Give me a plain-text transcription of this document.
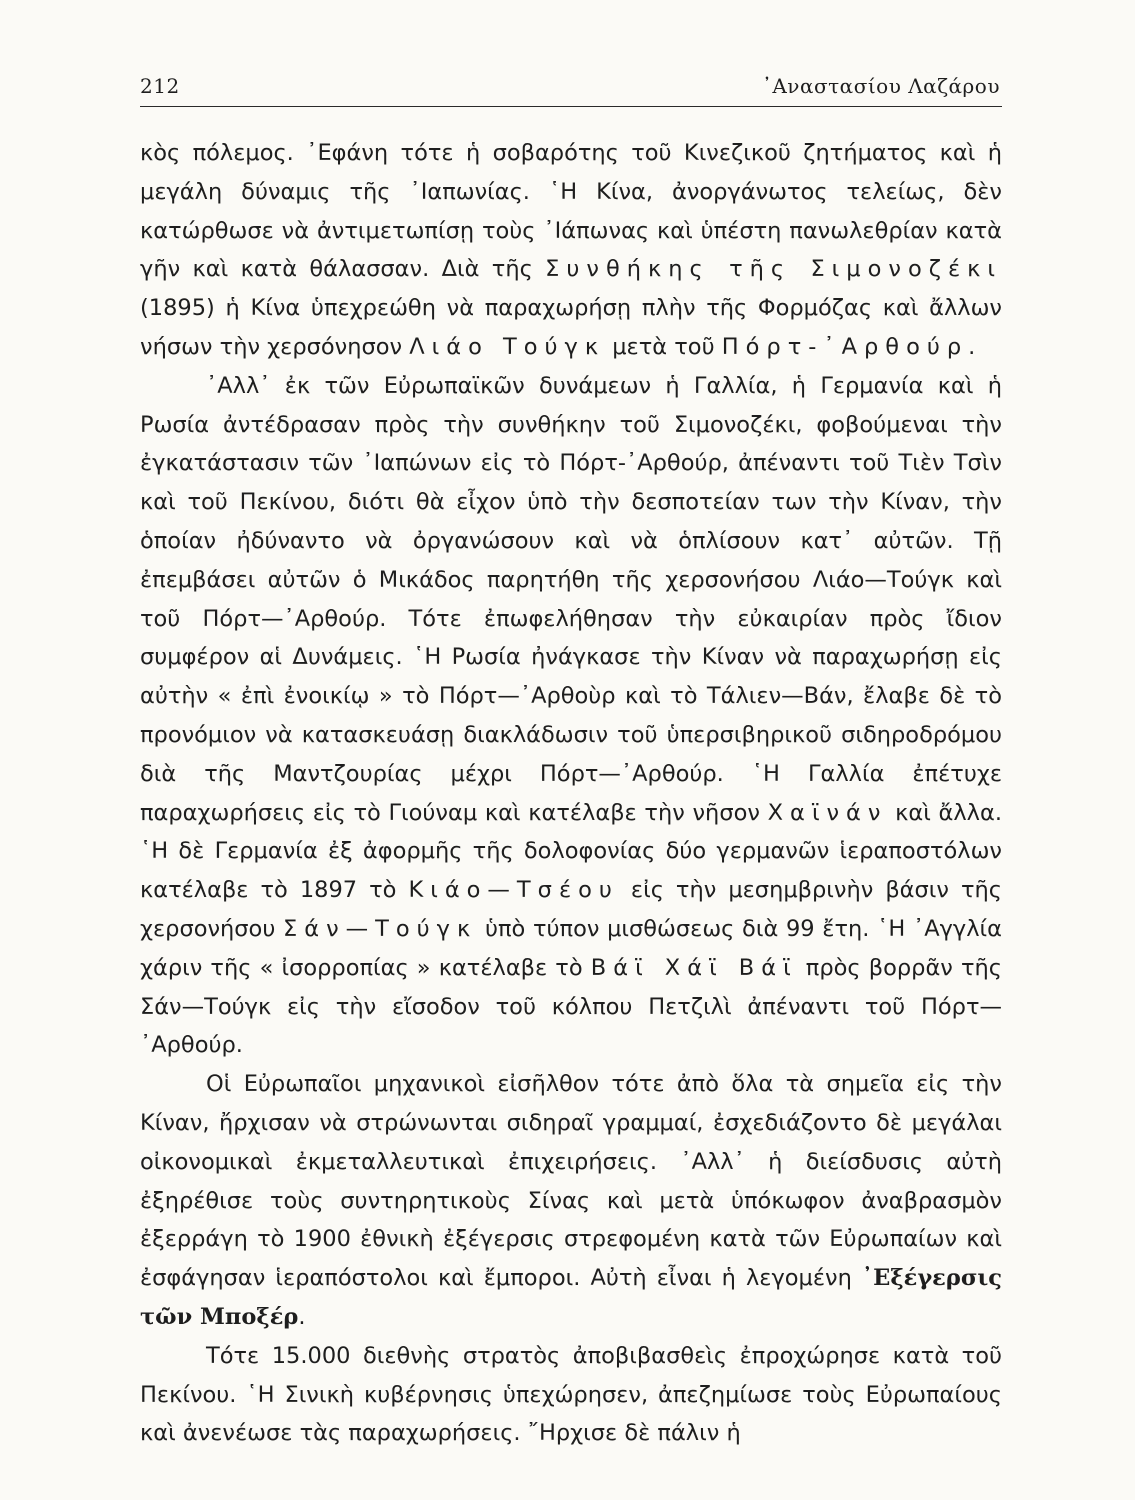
212	᾿Αναστασίου Λαζάρου

κὸς πόλεμος. ᾿Εφάνη τότε ἡ σοβαρότης τοῦ Κινεζικοῦ ζητήματος καὶ ἡ μεγάλη δύναμις τῆς ᾿Ιαπωνίας. ῾Η Κίνα, ἀνοργάνωτος τελείως, δὲν κατώρθωσε νὰ ἀντιμετωπίσῃ τοὺς ᾿Ιάπωνας καὶ ὑπέστη πανωλεθρίαν κατὰ γῆν καὶ κατὰ θάλασσαν. Διὰ τῆς Συνθήκης τῆς Σιμονοζέκι (1895) ἡ Κίνα ὑπεχρεώθη νὰ παραχωρήσῃ πλὴν τῆς Φορμόζας καὶ ἄλλων νήσων τὴν χερσόνησον Λιάο Τούγκ μετὰ τοῦ Πόρτ-᾿Αρθούρ.

᾿Αλλ᾿ ἐκ τῶν Εὐρωπαϊκῶν δυνάμεων ἡ Γαλλία, ἡ Γερμανία καὶ ἡ Ρωσία ἀντέδρασαν πρὸς τὴν συνθήκην τοῦ Σιμονοζέκι, φοβούμεναι τὴν ἐγκατάστασιν τῶν ᾿Ιαπώνων εἰς τὸ Πόρτ-᾿Αρθούρ, ἀπέναντι τοῦ Τιὲν Τσὶν καὶ τοῦ Πεκίνου, διότι θὰ εἶχον ὑπὸ τὴν δεσποτείαν των τὴν Κίναν, τὴν ὁποίαν ἠδύναντο νὰ ὀργανώσουν καὶ νὰ ὁπλίσουν κατ᾿ αὐτῶν. Τῇ ἐπεμβάσει αὐτῶν ὁ Μικάδος παρητήθη τῆς χερσονήσου Λιάο—Τούγκ καὶ τοῦ Πόρτ—᾿Αρθούρ. Τότε ἐπωφελήθησαν τὴν εὐκαιρίαν πρὸς ἴδιον συμφέρον αἱ Δυνάμεις. ῾Η Ρωσία ἠνάγκασε τὴν Κίναν νὰ παραχωρήσῃ εἰς αὐτὴν « ἐπὶ ἐνοικίῳ » τὸ Πόρτ—᾿Αρθοὺρ καὶ τὸ Τάλιεν—Βάν, ἔλαβε δὲ τὸ προνόμιον νὰ κατασκευάσῃ διακλάδωσιν τοῦ ὑπερσιβηρικοῦ σιδηροδρόμου διὰ τῆς Μαντζουρίας μέχρι Πόρτ—᾿Αρθούρ. ῾Η Γαλλία ἐπέτυχε παραχωρήσεις εἰς τὸ Γιούναμ καὶ κατέλαβε τὴν νῆσον Χαϊνάν καὶ ἄλλα. ῾Η δὲ Γερμανία ἐξ ἀφορμῆς τῆς δολοφονίας δύο γερμανῶν ἱεραποστόλων κατέλαβε τὸ 1897 τὸ Κιάο—Τσέου εἰς τὴν μεσημβρινὴν βάσιν τῆς χερσονήσου Σάν—Τούγκ ὑπὸ τύπον μισθώσεως διὰ 99 ἔτη. ῾Η ᾿Αγγλία χάριν τῆς « ἰσορροπίας » κατέλαβε τὸ Βάϊ Χάϊ Βάϊ πρὸς βορρᾶν τῆς Σάν—Τούγκ εἰς τὴν εἴσοδον τοῦ κόλπου Πετζιλὶ ἀπέναντι τοῦ Πόρτ—᾿Αρθούρ.

Οἱ Εὐρωπαῖοι μηχανικοὶ εἰσῆλθον τότε ἀπὸ ὅλα τὰ σημεῖα εἰς τὴν Κίναν, ἤρχισαν νὰ στρώνωνται σιδηραῖ γραμμαί, ἐσχεδιάζοντο δὲ μεγάλαι οἰκονομικαὶ ἐκμεταλλευτικαὶ ἐπιχειρήσεις. ᾿Αλλ᾿ ἡ διείσδυσις αὐτὴ ἐξηρέθισε τοὺς συντηρητικοὺς Σίνας καὶ μετὰ ὑπόκωφον ἀναβρασμὸν ἐξερράγη τὸ 1900 ἐθνικὴ ἐξέγερσις στρεφομένη κατὰ τῶν Εὐρωπαίων καὶ ἐσφάγησαν ἱεραπόστολοι καὶ ἔμποροι. Αὐτὴ εἶναι ἡ λεγομένη ᾿Εξέγερσις τῶν Μποξέρ.

Τότε 15.000 διεθνὴς στρατὸς ἀποβιβασθεὶς ἐπροχώρησε κατὰ τοῦ Πεκίνου. ῾Η Σινικὴ κυβέρνησις ὑπεχώρησεν, ἀπεζημίωσε τοὺς Εὐρωπαίους καὶ ἀνενέωσε τὰς παραχωρήσεις. ῎Ηρχισε δὲ πάλιν ἡ
